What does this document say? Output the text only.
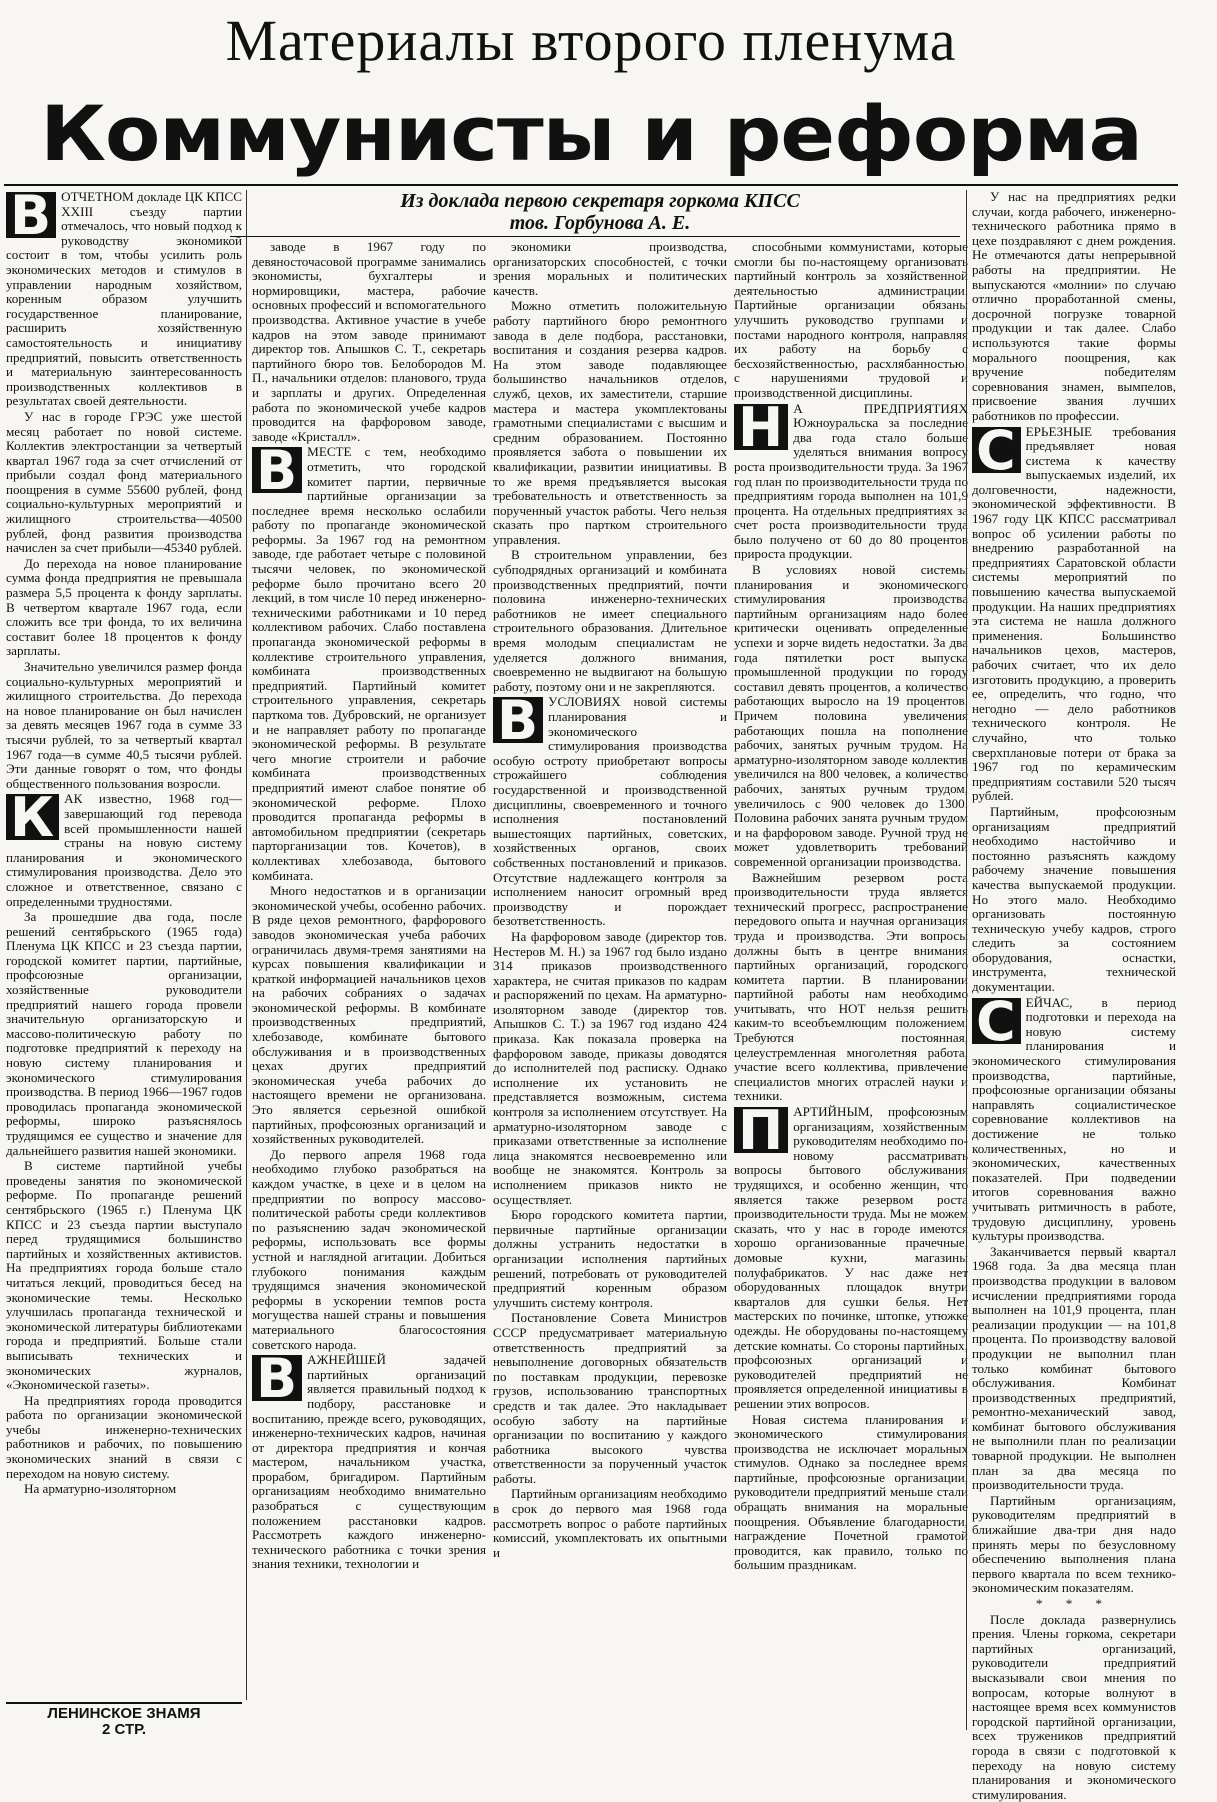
Материалы второго пленума
Коммунисты и реформа
Из доклада первою секретаря горкома КПСС
тов. Горбунова А. Е.

ВОТЧЕТНОМ докладе ЦК КПСС XXIII съезду партии отмечалось, что новый подход к руководству экономикой состоит в том, чтобы усилить роль экономических методов и стимулов в управлении народным хозяйством, коренным образом улучшить государственное планирование, расширить хозяйственную самостоятельность и инициативу предприятий, повысить ответственность и материальную заинтересованность производственных коллективов в результатах своей деятельности.

У нас в городе ГРЭС уже шестой месяц работает по новой системе. Коллектив электростанции за четвертый квартал 1967 года за счет отчислений от прибыли создал фонд материального поощрения в сумме 55600 рублей, фонд социально-культурных мероприятий и жилищного строительства—40500 рублей, фонд развития производства начислен за счет прибыли—45340 рублей.

До перехода на новое планирование сумма фонда предприятия не превышала размера 5,5 процента к фонду зарплаты. В четвертом квартале 1967 года, если сложить все три фонда, то их величина составит более 18 процентов к фонду зарплаты.

Значительно увеличился размер фонда социально-культурных мероприятий и жилищного строительства. До перехода на новое планирование он был начислен за девять месяцев 1967 года в сумме 33 тысячи рублей, то за четвертый квартал 1967 года—в сумме 40,5 тысячи рублей. Эти данные говорят о том, что фонды общественного пользования возросли.

КАК известно, 1968 год—завершающий год перевода всей промышленности нашей страны на новую систему планирования и экономического стимулирования производства. Дело это сложное и ответственное, связано с определенными трудностями.

За прошедшие два года, после решений сентябрьского (1965 года) Пленума ЦК КПСС и 23 съезда партии, городской комитет партии, партийные, профсоюзные организации, хозяйственные руководители предприятий нашего города провели значительную организаторскую и массово-политическую работу по подготовке предприятий к переходу на новую систему планирования и экономического стимулирования производства. В период 1966—1967 годов проводилась пропаганда экономической реформы, широко разъяснялось трудящимся ее существо и значение для дальнейшего развития нашей экономики.

В системе партийной учебы проведены занятия по экономической реформе. По пропаганде решений сентябрьского (1965 г.) Пленума ЦК КПСС и 23 съезда партии выступало перед трудящимися большинство партийных и хозяйственных активистов. На предприятиях города больше стало читаться лекций, проводиться бесед на экономические темы. Несколько улучшилась пропаганда технической и экономической литературы библиотеками города и предприятий. Больше стали выписывать технических и экономических журналов, «Экономической газеты».

На предприятиях города проводится работа по организации экономической учебы инженерно-технических работников и рабочих, по повышению экономических знаний в связи с переходом на новую систему.

На арматурно-изоляторном

заводе в 1967 году по девяносточасовой программе занимались экономисты, бухгалтеры и нормировщики, мастера, рабочие основных профессий и вспомогательного производства. Активное участие в учебе кадров на этом заводе принимают директор тов. Апышков С. Т., секретарь партийного бюро тов. Белобородов М. П., начальники отделов: планового, труда и зарплаты и других. Определенная работа по экономической учебе кадров проводится на фарфоровом заводе, заводе «Кристалл».

ВМЕСТЕ с тем, необходимо отметить, что городской комитет партии, первичные партийные организации за последнее время несколько ослабили работу по пропаганде экономической реформы. За 1967 год на ремонтном заводе, где работает четыре с половиной тысячи человек, по экономической реформе было прочитано всего 20 лекций, в том числе 10 перед инженерно-техническими работниками и 10 перед коллективом рабочих. Слабо поставлена пропаганда экономической реформы в коллективе строительного управления, комбината производственных предприятий. Партийный комитет строительного управления, секретарь парткома тов. Дубровский, не организует и не направляет работу по пропаганде экономической реформы. В результате чего многие строители и рабочие комбината производственных предприятий имеют слабое понятие об экономической реформе. Плохо проводится пропаганда реформы в автомобильном предприятии (секретарь парторганизации тов. Кочетов), в коллективах хлебозавода, бытового комбината.

Много недостатков и в организации экономической учебы, особенно рабочих. В ряде цехов ремонтного, фарфорового заводов экономическая учеба рабочих ограничилась двумя-тремя занятиями на курсах повышения квалификации и краткой информацией начальников цехов на рабочих собраниях о задачах экономической реформы. В комбинате производственных предприятий, хлебозаводе, комбинате бытового обслуживания и в производственных цехах других предприятий экономическая учеба рабочих до настоящего времени не организована. Это является серьезной ошибкой партийных, профсоюзных организаций и хозяйственных руководителей.

До первого апреля 1968 года необходимо глубоко разобраться на каждом участке, в цехе и в целом на предприятии по вопросу массово-политической работы среди коллективов по разъяснению задач экономической реформы, использовать все формы устной и наглядной агитации. Добиться глубокого понимания каждым трудящимся значения экономической реформы в ускорении темпов роста могущества нашей страны и повышения материального благосостояния советского народа.

ВАЖНЕЙШЕЙ задачей партийных организаций является правильный подход к подбору, расстановке и воспитанию, прежде всего, руководящих, инженерно-технических кадров, начиная от директора предприятия и кончая мастером, начальником участка, прорабом, бригадиром. Партийным организациям необходимо внимательно разобраться с существующим положением расстановки кадров. Рассмотреть каждого инженерно-технического работника с точки зрения знания техники, технологии и

экономики производства, организаторских способностей, с точки зрения моральных и политических качеств.

Можно отметить положительную работу партийного бюро ремонтного завода в деле подбора, расстановки, воспитания и создания резерва кадров. На этом заводе подавляющее большинство начальников отделов, служб, цехов, их заместители, старшие мастера и мастера укомплектованы грамотными специалистами с высшим и средним образованием. Постоянно проявляется забота о повышении их квалификации, развитии инициативы. В то же время предъявляется высокая требовательность и ответственность за порученный участок работы. Чего нельзя сказать про партком строительного управления.

В строительном управлении, без субподрядных организаций и комбината производственных предприятий, почти половина инженерно-технических работников не имеет специального строительного образования. Длительное время молодым специалистам не уделяется должного внимания, своевременно не выдвигают на большую работу, поэтому они и не закрепляются.

ВУСЛОВИЯХ новой системы планирования и экономического стимулирования производства особую остроту приобретают вопросы строжайшего соблюдения государственной и производственной дисциплины, своевременного и точного исполнения постановлений вышестоящих партийных, советских, хозяйственных органов, своих собственных постановлений и приказов. Отсутствие надлежащего контроля за исполнением наносит огромный вред производству и порождает безответственность.

На фарфоровом заводе (директор тов. Нестеров М. Н.) за 1967 год было издано 314 приказов производственного характера, не считая приказов по кадрам и распоряжений по цехам. На арматурно-изоляторном заводе (директор тов. Апышков С. Т.) за 1967 год издано 424 приказа. Как показала проверка на фарфоровом заводе, приказы доводятся до исполнителей под расписку. Однако исполнение их установить не представляется возможным, система контроля за исполнением отсутствует. На арматурно-изоляторном заводе с приказами ответственные за исполнение лица знакомятся несвоевременно или вообще не знакомятся. Контроль за исполнением приказов никто не осуществляет.

Бюро городского комитета партии, первичные партийные организации должны устранить недостатки в организации исполнения партийных решений, потребовать от руководителей предприятий коренным образом улучшить систему контроля.

Постановление Совета Министров СССР предусматривает материальную ответственность предприятий за невыполнение договорных обязательств по поставкам продукции, перевозке грузов, использованию транспортных средств и так далее. Это накладывает особую заботу на партийные организации по воспитанию у каждого работника высокого чувства ответственности за порученный участок работы.

Партийным организациям необходимо в срок до первого мая 1968 года рассмотреть вопрос о работе партийных комиссий, укомплектовать их опытными и

способными коммунистами, которые смогли бы по-настоящему организовать партийный контроль за хозяйственной деятельностью администрации. Партийные организации обязаны улучшить руководство группами и постами народного контроля, направляя их работу на борьбу с бесхозяйственностью, расхлябанностью, с нарушениями трудовой и производственной дисциплины.

НА ПРЕДПРИЯТИЯХ Южноуральска за последние два года стало больше уделяться внимания вопросу роста производительности труда. За 1967 год план по производительности труда по предприятиям города выполнен на 101,9 процента. На отдельных предприятиях за счет роста производительности труда было получено от 60 до 80 процентов прироста продукции.

В условиях новой системы планирования и экономического стимулирования производства партийным организациям надо более критически оценивать определенные успехи и зорче видеть недостатки. За два года пятилетки рост выпуска промышленной продукции по городу составил девять процентов, а количество работающих выросло на 19 процентов. Причем половина увеличения работающих пошла на пополнение рабочих, занятых ручным трудом. На арматурно-изоляторном заводе коллектив увеличился на 800 человек, а количество рабочих, занятых ручным трудом, увеличилось с 900 человек до 1300. Половина рабочих занята ручным трудом и на фарфоровом заводе. Ручной труд не может удовлетворить требований современной организации производства.

Важнейшим резервом роста производительности труда является технический прогресс, распространение передового опыта и научная организация труда и производства. Эти вопросы должны быть в центре внимания партийных организаций, городского комитета партии. В планировании партийной работы нам необходимо учитывать, что НОТ нельзя решить каким-то всеобъемлющим положением. Требуются постоянная, целеустремленная многолетняя работа, участие всего коллектива, привлечение специалистов многих отраслей науки и техники.

ПАРТИЙНЫМ, профсоюзным организациям, хозяйственным руководителям необходимо по-новому рассматривать вопросы бытового обслуживания трудящихся, и особенно женщин, что является также резервом роста производительности труда. Мы не можем сказать, что у нас в городе имеются хорошо организованные прачечные, домовые кухни, магазины полуфабрикатов. У нас даже нет оборудованных площадок внутри кварталов для сушки белья. Нет мастерских по починке, штопке, утюжке одежды. Не оборудованы по-настоящему детские комнаты. Со стороны партийных, профсоюзных организаций и руководителей предприятий не проявляется определенной инициативы в решении этих вопросов.

Новая система планирования и экономического стимулирования производства не исключает моральных стимулов. Однако за последнее время партийные, профсоюзные организации, руководители предприятий меньше стали обращать внимания на моральные поощрения. Объявление благодарности, награждение Почетной грамотой проводится, как правило, только по большим праздникам.

У нас на предприятиях редки случаи, когда рабочего, инженерно-технического работника прямо в цехе поздравляют с днем рождения. Не отмечаются даты непрерывной работы на предприятии. Не выпускаются «молнии» по случаю отлично проработанной смены, досрочной погрузке товарной продукции и так далее. Слабо используются такие формы морального поощрения, как вручение победителям соревнования знамен, вымпелов, присвоение звания лучших работников по профессии.

СЕРЬЕЗНЫЕ требования предъявляет новая система к качеству выпускаемых изделий, их долговечности, надежности, экономической эффективности. В 1967 году ЦК КПСС рассматривал вопрос об усилении работы по внедрению разработанной на предприятиях Саратовской области системы мероприятий по повышению качества выпускаемой продукции. На наших предприятиях эта система не нашла должного применения. Большинство начальников цехов, мастеров, рабочих считает, что их дело изготовить продукцию, а проверить ее, определить, что годно, что негодно — дело работников технического контроля. Не случайно, что только сверхплановые потери от брака за 1967 год по керамическим предприятиям составили 520 тысяч рублей.

Партийным, профсоюзным организациям предприятий необходимо настойчиво и постоянно разъяснять каждому рабочему значение повышения качества выпускаемой продукции. Но этого мало. Необходимо организовать постоянную техническую учебу кадров, строго следить за состоянием оборудования, оснастки, инструмента, технической документации.

СЕЙЧАС, в период подготовки и перехода на новую систему планирования и экономического стимулирования производства, партийные, профсоюзные организации обязаны направлять социалистическое соревнование коллективов на достижение не только количественных, но и экономических, качественных показателей. При подведении итогов соревнования важно учитывать ритмичность в работе, трудовую дисциплину, уровень культуры производства.

Заканчивается первый квартал 1968 года. За два месяца план производства продукции в валовом исчислении предприятиями города выполнен на 101,9 процента, план реализации продукции — на 101,8 процента. По производству валовой продукции не выполнил план только комбинат бытового обслуживания. Комбинат производственных предприятий, ремонтно-механический завод, комбинат бытового обслуживания не выполнили план по реализации товарной продукции. Не выполнен план за два месяца по производительности труда.

Партийным организациям, руководителям предприятий в ближайшие два-три дня надо принять меры по безусловному обеспечению выполнения плана первого квартала по всем технико-экономическим показателям.

* * *

После доклада развернулись прения. Члены горкома, секретари партийных организаций, руководители предприятий высказывали свои мнения по вопросам, которые волнуют в настоящее время всех коммунистов городской партийной организации, всех тружеников предприятий города в связи с подготовкой к переходу на новую систему планирования и экономического стимулирования.

ЛЕНИНСКОЕ ЗНАМЯ
2 СТР.
